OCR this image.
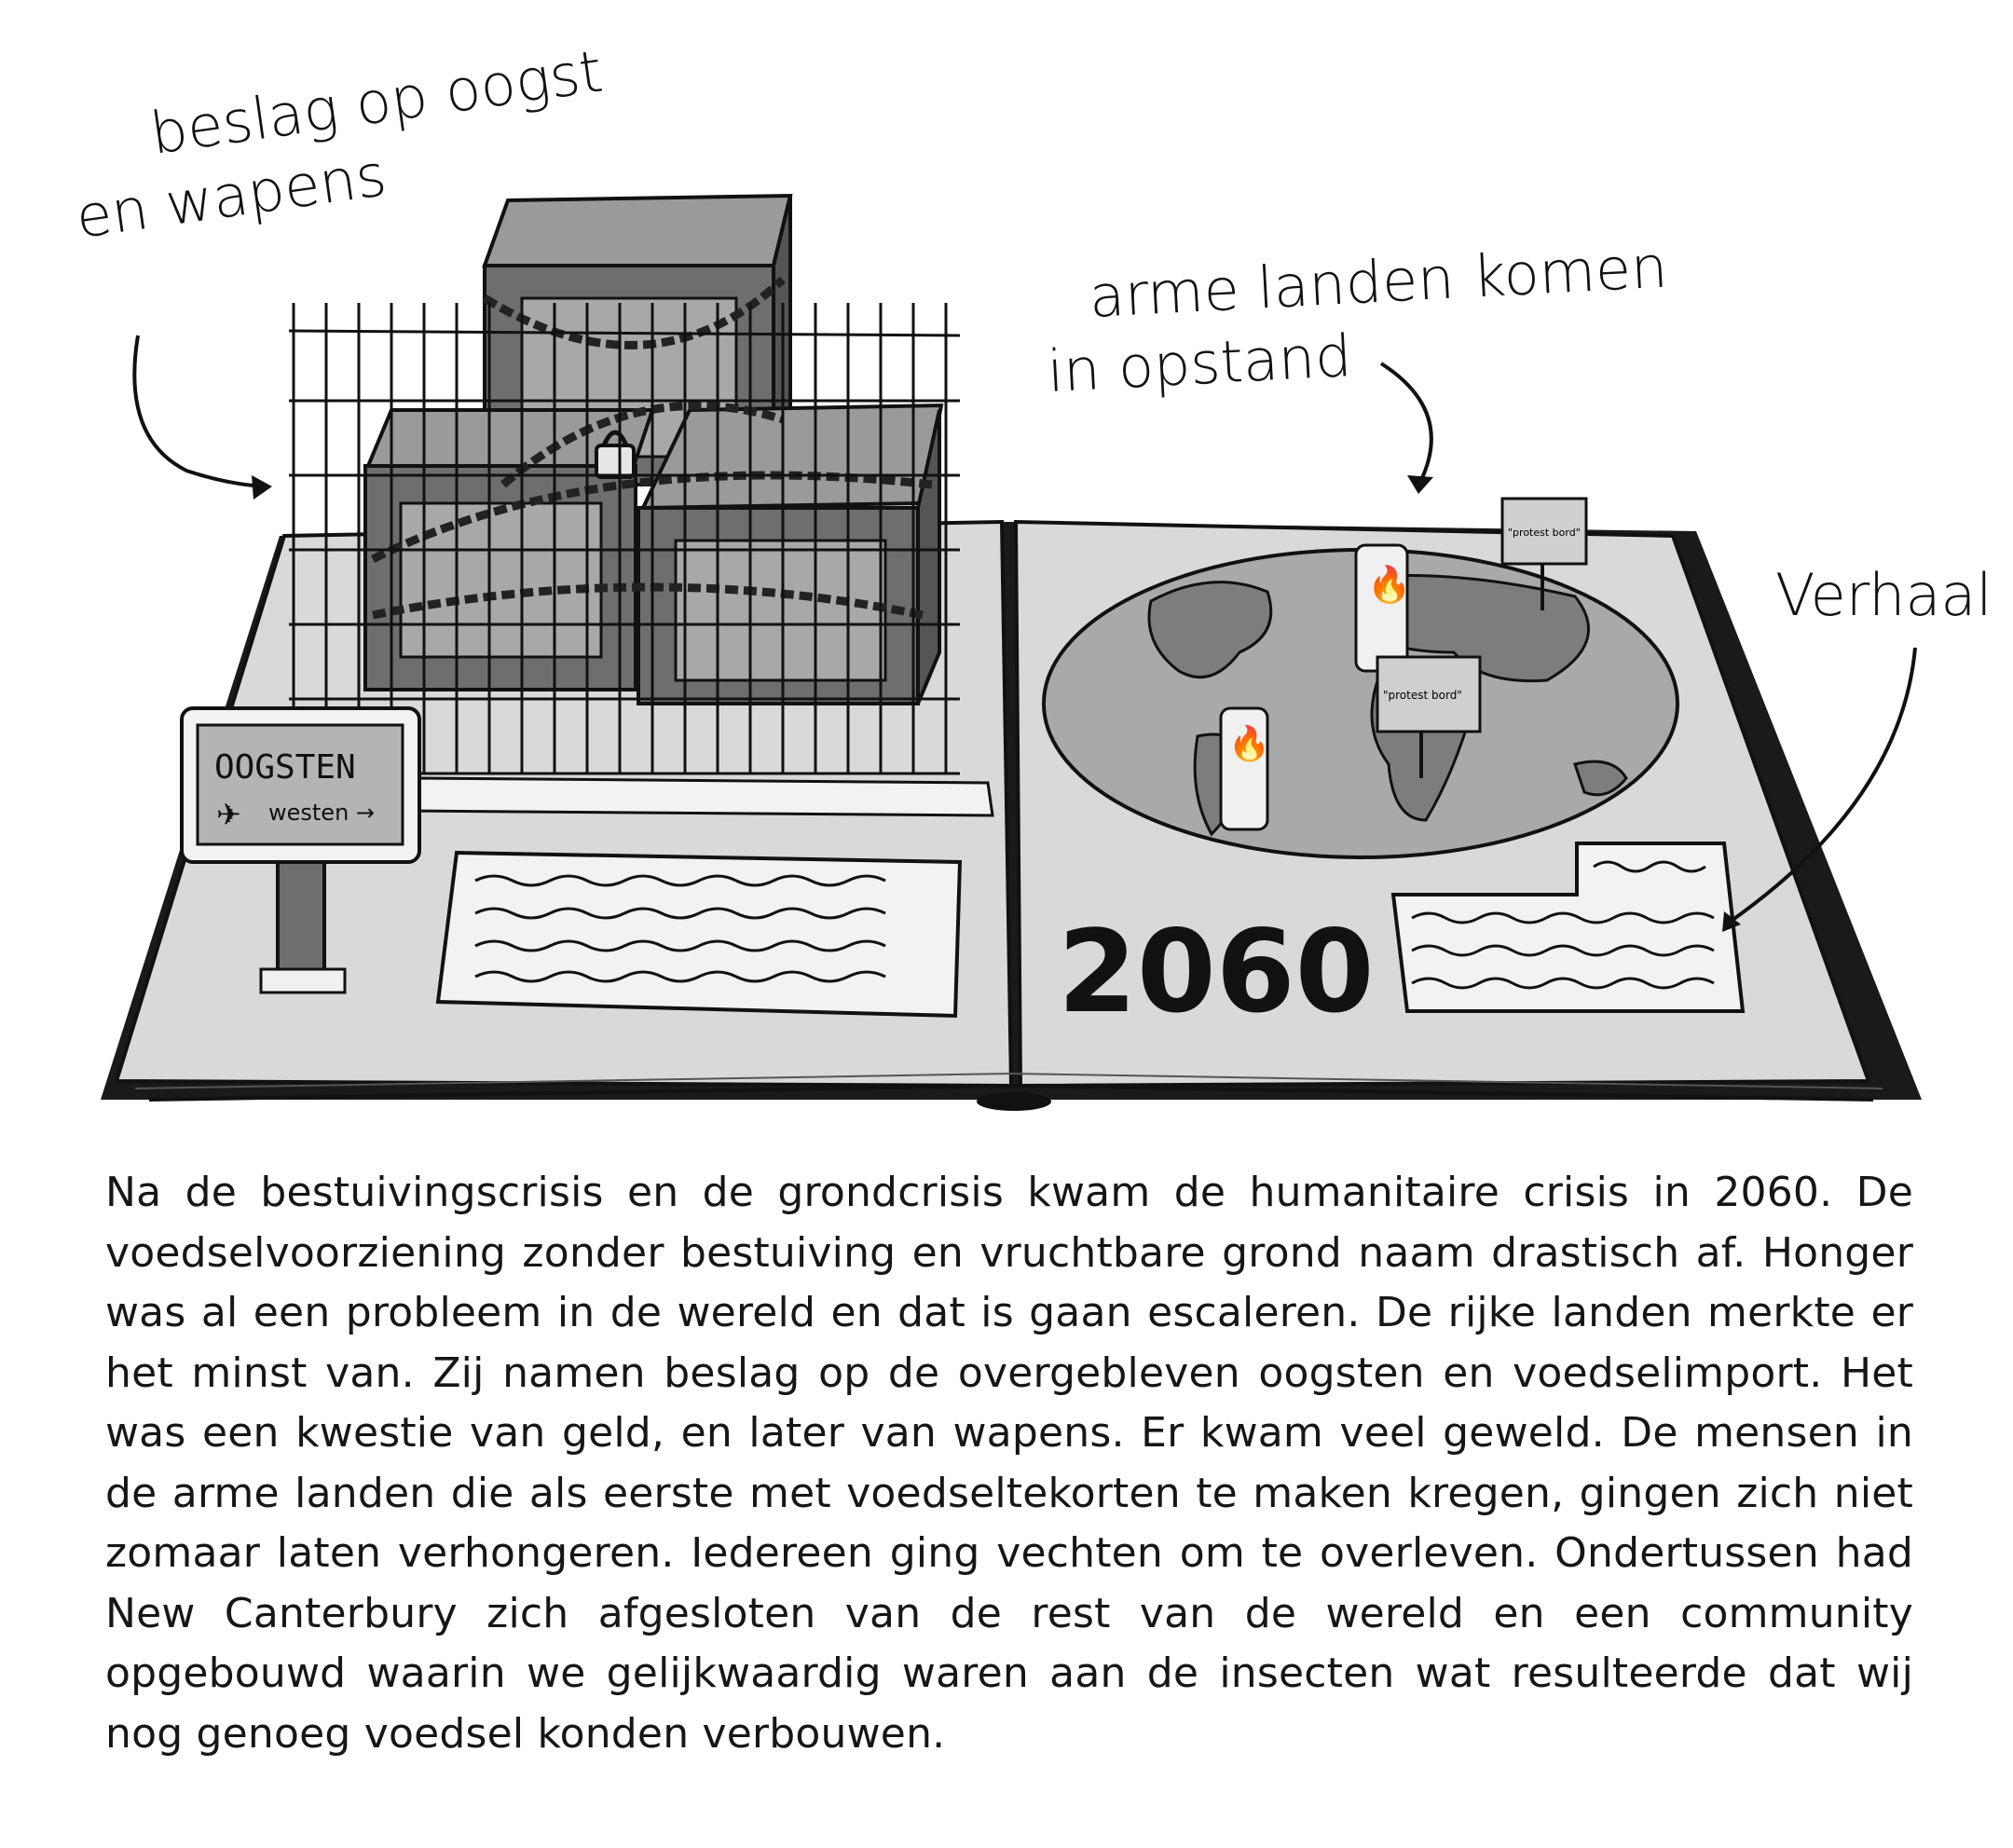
OOGSTEN
✈ westen →
🔥
🔥
"protest bord"
"protest bord"
2060
beslag op oogst
en wapens
arme landen komen
in opstand
Verhaal

Na de bestuivingscrisis en de grondcrisis kwam de humanitaire crisis in 2060. De voedselvoorziening zonder bestuiving en vruchtbare grond naam drastisch af. Honger was al een probleem in de wereld en dat is gaan escaleren. De rijke landen merkte er het minst van. Zij namen beslag op de overgebleven oogsten en voedselimport. Het was een kwestie van geld, en later van wapens. Er kwam veel geweld. De mensen in de arme landen die als eerste met voedseltekorten te maken kregen, gingen zich niet zomaar laten verhongeren. Iedereen ging vechten om te overleven. Ondertussen had New Canterbury zich afgesloten van de rest van de wereld en een community opgebouwd waarin we gelijkwaardig waren aan de insecten wat resulteerde dat wij nog genoeg voedsel konden verbouwen.
